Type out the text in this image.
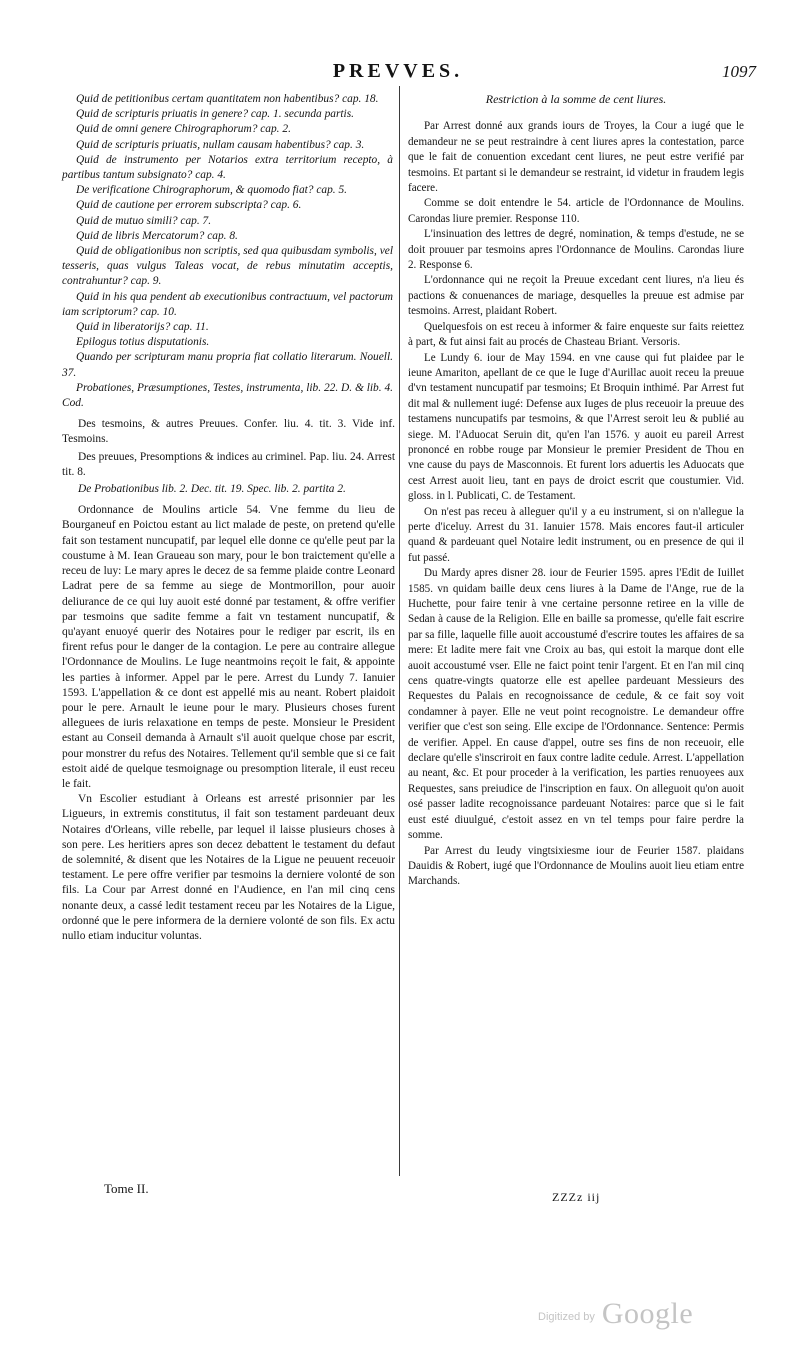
PREVVES.	1097

Quid de petitionibus certam quantitatem non habentibus? cap. 18.

Quid de scripturis priuatis in genere? cap. 1. secunda partis.

Quid de omni genere Chirographorum? cap. 2.

Quid de scripturis priuatis, nullam causam habentibus? cap. 3.

Quid de instrumento per Notarios extra territorium recepto, à partibus tantum subsignato? cap. 4.

De verificatione Chirographorum, & quomodo fiat? cap. 5.

Quid de cautione per errorem subscripta? cap. 6.

Quid de mutuo simili? cap. 7.

Quid de libris Mercatorum? cap. 8.

Quid de obligationibus non scriptis, sed qua quibusdam symbolis, vel tesseris, quas vulgus Taleas vocat, de rebus minutatim acceptis, contrahuntur? cap. 9.

Quid in his qua pendent ab executionibus contractuum, vel pactorum iam scriptorum? cap. 10.

Quid in liberatorijs? cap. 11.

Epilogus totius disputationis.

Quando per scripturam manu propria fiat collatio literarum. Nouell. 37.

Probationes, Præsumptiones, Testes, instrumenta, lib. 22. D. & lib. 4. Cod.

Des tesmoins, & autres Preuues. Confer. liu. 4. tit. 3. Vide inf. Tesmoins.

Des preuues, Presomptions & indices au criminel. Pap. liu. 24. Arrest tit. 8.

De Probationibus lib. 2. Dec. tit. 19. Spec. lib. 2. partita 2.

Ordonnance de Moulins article 54. Vne femme du lieu de Bourganeuf en Poictou estant au lict malade de peste, on pretend qu'elle fait son testament nuncupatif, par lequel elle donne ce qu'elle peut par la coustume à M. Iean Graueau son mary, pour le bon traictement qu'elle a receu de luy: Le mary apres le decez de sa femme plaide contre Leonard Ladrat pere de sa femme au siege de Montmorillon, pour auoir deliurance de ce qui luy auoit esté donné par testament, & offre verifier par tesmoins que sadite femme a fait vn testament nuncupatif, & qu'ayant enuoyé querir des Notaires pour le rediger par escrit, ils en firent refus pour le danger de la contagion. Le pere au contraire allegue l'Ordonnance de Moulins. Le Iuge neantmoins reçoit le fait, & appointe les parties à informer. Appel par le pere. Arrest du Lundy 7. Ianuier 1593. L'appellation & ce dont est appellé mis au neant. Robert plaidoit pour le pere. Arnault le ieune pour le mary. Plusieurs choses furent alleguees de iuris relaxatione en temps de peste. Monsieur le President estant au Conseil demanda à Arnault s'il auoit quelque chose par escrit, pour monstrer du refus des Notaires. Tellement qu'il semble que si ce fait estoit aidé de quelque tesmoignage ou presomption literale, il eust receu le fait.

Vn Escolier estudiant à Orleans est arresté prisonnier par les Ligueurs, in extremis constitutus, il fait son testament pardeuant deux Notaires d'Orleans, ville rebelle, par lequel il laisse plusieurs choses à son pere. Les heritiers apres son decez debattent le testament du defaut de solemnité, & disent que les Notaires de la Ligue ne peuuent receuoir testament. Le pere offre verifier par tesmoins la derniere volonté de son fils. La Cour par Arrest donné en l'Audience, en l'an mil cinq cens nonante deux, a cassé ledit testament receu par les Notaires de la Ligue, ordonné que le pere informera de la derniere volonté de son fils. Ex actu nullo etiam inducitur voluntas.

Restriction à la somme de cent liures.

Par Arrest donné aux grands iours de Troyes, la Cour a iugé que le demandeur ne se peut restraindre à cent liures apres la contestation, parce que le fait de conuention excedant cent liures, ne peut estre verifié par tesmoins. Et partant si le demandeur se restraint, id videtur in fraudem legis facere.

Comme se doit entendre le 54. article de l'Ordonnance de Moulins. Carondas liure premier. Response 110.

L'insinuation des lettres de degré, nomination, & temps d'estude, ne se doit prouuer par tesmoins apres l'Ordonnance de Moulins. Carondas liure 2. Response 6.

L'ordonnance qui ne reçoit la Preuue excedant cent liures, n'a lieu és pactions & conuenances de mariage, desquelles la preuue est admise par tesmoins. Arrest, plaidant Robert.

Quelquesfois on est receu à informer & faire enqueste sur faits reiettez à part, & fut ainsi fait au procés de Chasteau Briant. Versoris.

Le Lundy 6. iour de May 1594. en vne cause qui fut plaidee par le ieune Amariton, apellant de ce que le Iuge d'Aurillac auoit receu la preuue d'vn testament nuncupatif par tesmoins; Et Broquin inthimé. Par Arrest fut dit mal & nullement iugé: Defense aux Iuges de plus receuoir la preuue des testamens nuncupatifs par tesmoins, & que l'Arrest seroit leu & publié au siege. M. l'Aduocat Seruin dit, qu'en l'an 1576. y auoit eu pareil Arrest prononcé en robbe rouge par Monsieur le premier President de Thou en vne cause du pays de Masconnois. Et furent lors aduertis les Aduocats que cest Arrest auoit lieu, tant en pays de droict escrit que coustumier. Vid. gloss. in l. Publicati, C. de Testament.

On n'est pas receu à alleguer qu'il y a eu instrument, si on n'allegue la perte d'iceluy. Arrest du 31. Ianuier 1578. Mais encores faut-il articuler quand & pardeuant quel Notaire ledit instrument, ou en presence de qui il fut passé.

Du Mardy apres disner 28. iour de Feurier 1595. apres l'Edit de Iuillet 1585. vn quidam baille deux cens liures à la Dame de l'Ange, rue de la Huchette, pour faire tenir à vne certaine personne retiree en la ville de Sedan à cause de la Religion. Elle en baille sa promesse, qu'elle fait escrire par sa fille, laquelle fille auoit accoustumé d'escrire toutes les affaires de sa mere: Et ladite mere fait vne Croix au bas, qui estoit la marque dont elle auoit accoustumé vser. Elle ne faict point tenir l'argent. Et en l'an mil cinq cens quatre-vingts quatorze elle est apellee pardeuant Messieurs des Requestes du Palais en recognoissance de cedule, & ce fait soy voit condamner à payer. Elle ne veut point recognoistre. Le demandeur offre verifier que c'est son seing. Elle excipe de l'Ordonnance. Sentence: Permis de verifier. Appel. En cause d'appel, outre ses fins de non receuoir, elle declare qu'elle s'inscriroit en faux contre ladite cedule. Arrest. L'appellation au neant, &c. Et pour proceder à la verification, les parties renuoyees aux Requestes, sans preiudice de l'inscription en faux. On alleguoit qu'on auoit osé passer ladite recognoissance pardeuant Notaires: parce que si le fait eust esté diuulgué, c'estoit assez en vn tel temps pour faire perdre la somme.

Par Arrest du Ieudy vingtsixiesme iour de Feurier 1587. plaidans Dauidis & Robert, iugé que l'Ordonnance de Moulins auoit lieu etiam entre Marchands.

Tome II.
ZZZz iij
Digitized by Google
